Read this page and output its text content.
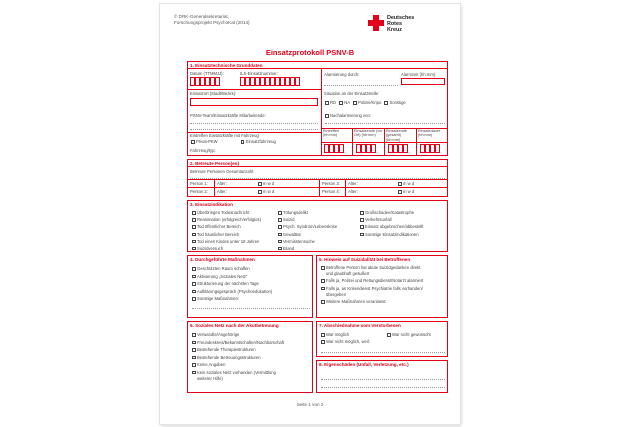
© DRK-Generalsekretariat,
Forschungsprojekt PsychoKat (2014)
Deutsches
Rotes
Kreuz
Einsatzprotokoll PSNV-B
1. Einsatztechnische Grunddaten
Datum (TTMMJJ):	ILS-Einsatznummer:	Alarmierung durch:	Alarmzeit (hh:mm):
Einsatzort (Stadt/Bezirk):	Situation an der Einsatzstelle:
RD NA Polizei/Kripo Sonstige
PSNV-Team/Einsatzkräfte Mitarbeitende:	Nachalarmierung von:
Eintreffen Einsatzkräfte mit Fahrzeug
Privat-PKW	Einsatzfahrzeug
Fahrzeug/typ:
Eintreffen (hh:mm)
Einsatzende (vor Ort) (hh:mm)
Einsatzende (gesamt) (hh:mm)
Einsatzdauer (hh:mm)
2. Betreute Person(en)
Betreute Personen Gesamtanzahl:
Person 1: Alter:	m w d	Person 3: Alter:	m w d
Person 2: Alter:	m w d	Person 4: Alter:	m w d
3. Einsatzindikation
Überbringen Todesnachricht
Reanimation (erfolgreich/erfolglos)
Tod öffentlicher Bereich
Tod häuslicher Bereich
Tod eines Kindes unter 18 Jahren
Suizidversuch
Tötungsdelikt
Suizid
Psych. Syndrom/Lebenskrise
Gewalttat
Vermisstensuche
Brand
Großschaden/Katastrophe
Verkehrsunfall
Einsatz abgebrochen/abbestellt
Sonstige Einsatzindikationen
4. Durchgeführte Maßnahmen
Geschützten Raum schaffen
Aktivierung „Soziales Netz“
Strukturierung der nächsten Tage
Aufklärungsgespräch (Psychoedukation)
Sonstige Maßnahmen:
5. Hinweis auf Suizidalität bei Betroffenen
Betroffene Person hat akute Suizidgedanken direkt
und glaubhaft geäußert
Falls ja, Polizei und Rettungsdienst/Notarzt alarmiert
Falls ja, an Krisendienst Psychiatrie falls vorhanden/
übergeben
Weitere Maßnahmen veranlasst:
6. Soziales Netz nach der Akutbetreuung
Verwandte/Angehörige
Freundeskreis/Bekanntschaften/Nachbarschaft
Bestehende Therapiestrukturen
Bestehende Betreuungsstrukturen
Keine Angaben
Kein soziales Netz vorhanden (Vermittlung
weiterer Hilfe)
7. Abschiednahme vom Verstorbenen
War möglich	War nicht gewünscht
War nicht möglich, weil:
8. Eigenschäden (Unfall, Verletzung, etc.)
Seite 1 von 2
